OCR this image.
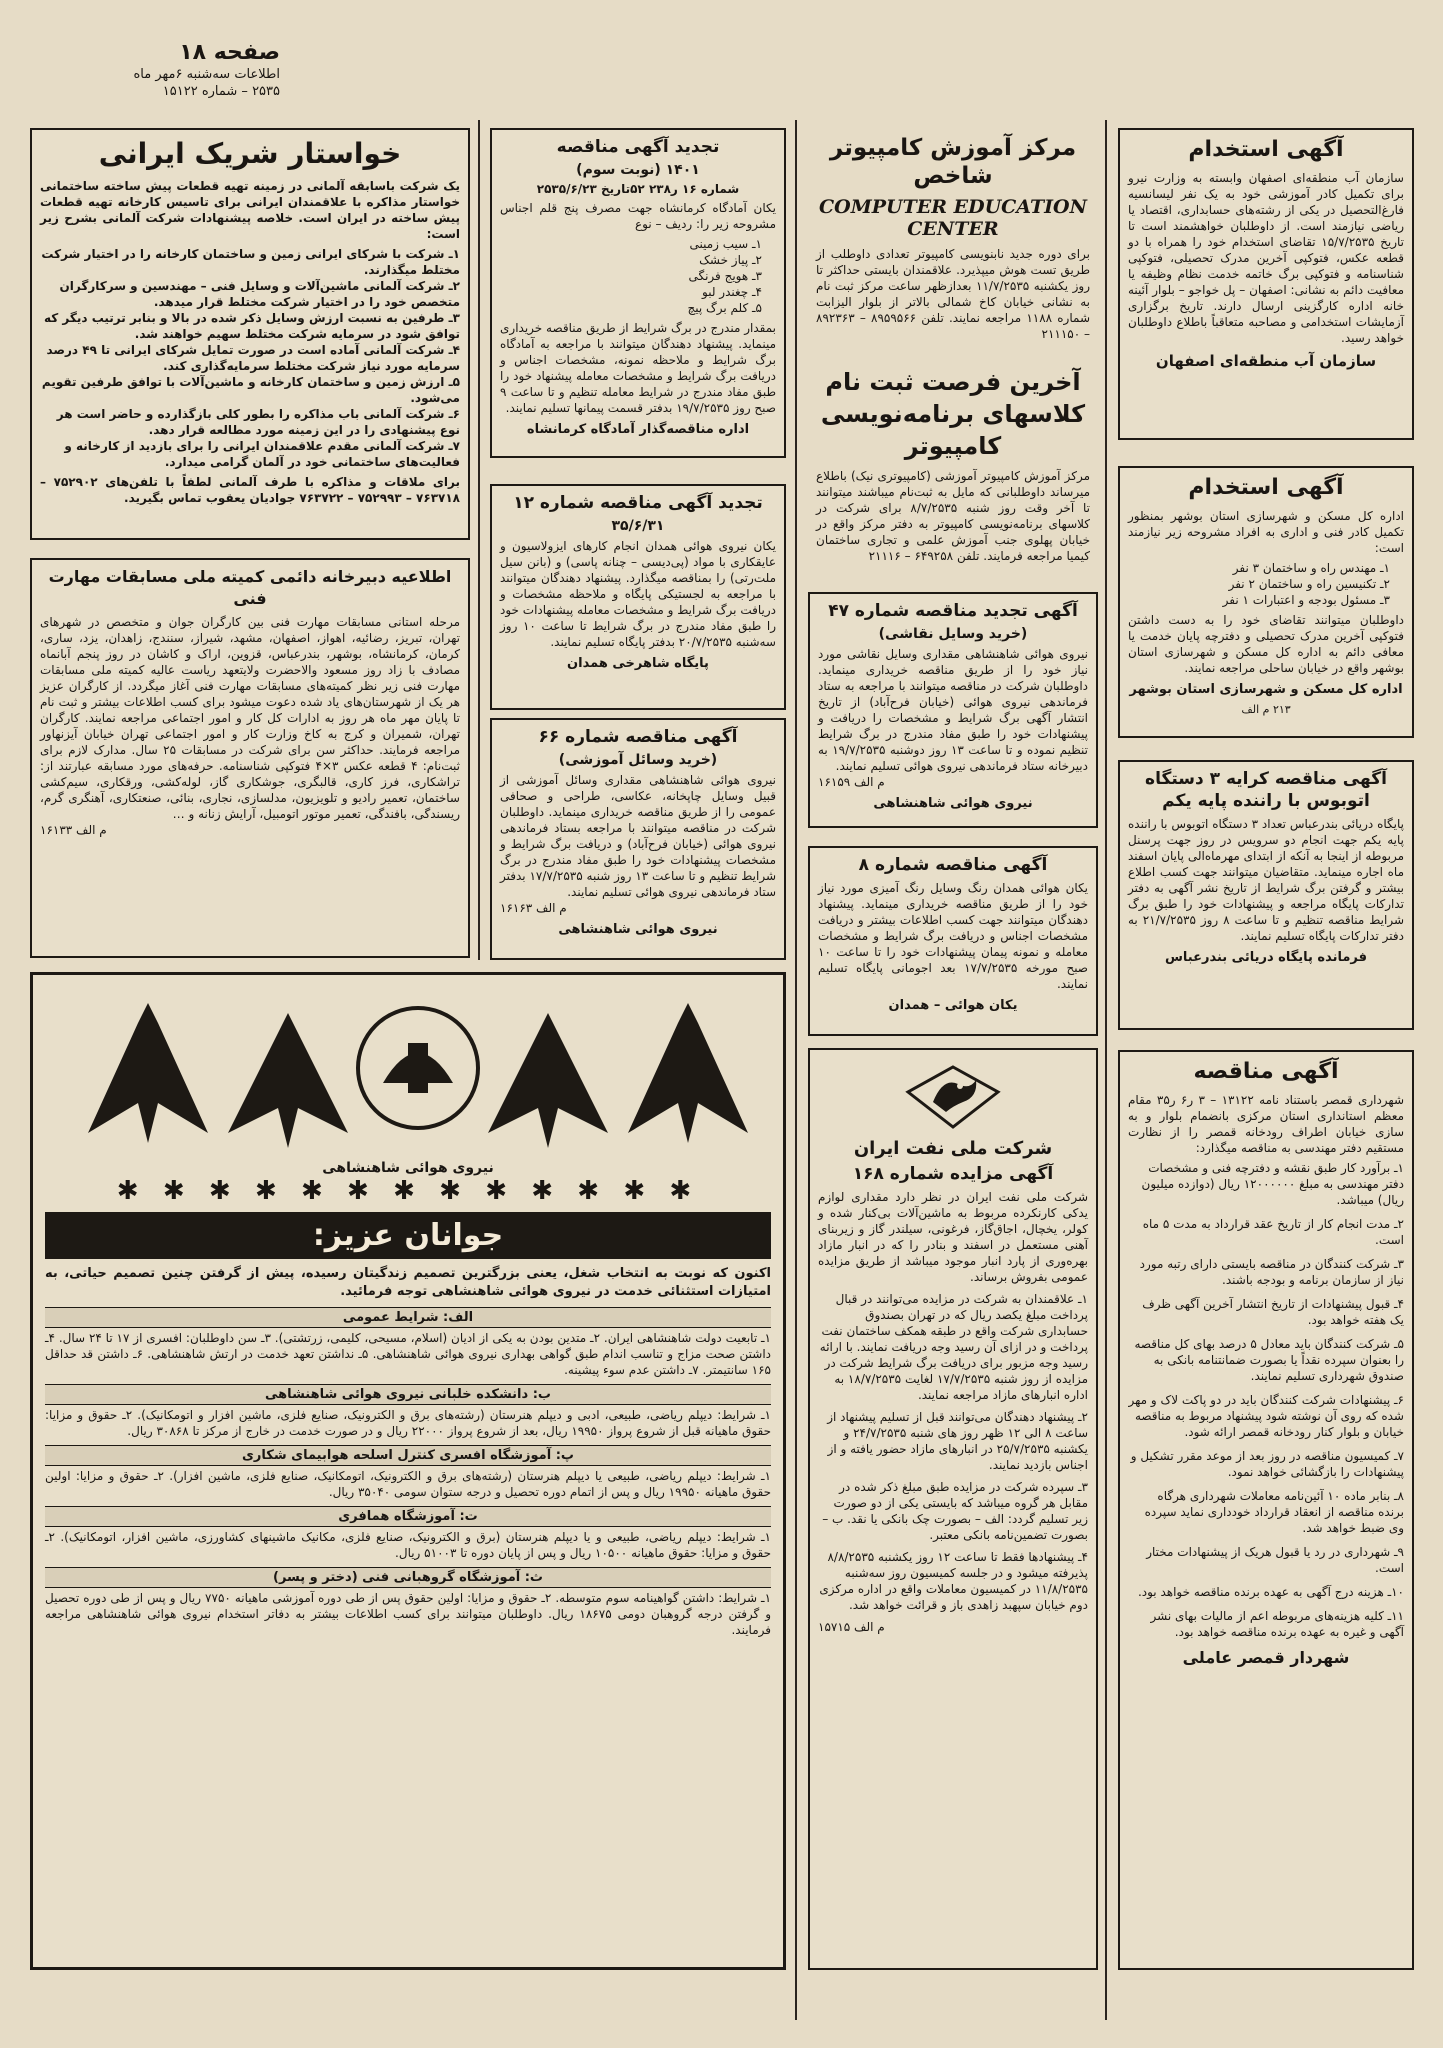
صفحه ۱۸
اطلاعات سه‌شنبه ۶مهر ماه
۲۵۳۵ – شماره ۱۵۱۲۲
آگهی استخدام

سازمان آب منطقه‌ای اصفهان وابسته به وزارت نیرو برای تکمیل کادر آموزشی خود به یک نفر لیسانسیه فارغ‌التحصیل در یکی از رشته‌های حسابداری، اقتصاد یا ریاضی نیازمند است. از داوطلبان خواهشمند است تا تاریخ ۱۵/۷/۲۵۳۵ تقاضای استخدام خود را همراه با دو قطعه عکس، فتوکپی آخرین مدرک تحصیلی، فتوکپی شناسنامه و فتوکپی برگ خاتمه خدمت نظام وظیفه یا معافیت دائم به نشانی: اصفهان – پل خواجو – بلوار آئینه خانه اداره کارگزینی ارسال دارند. تاریخ برگزاری آزمایشات استخدامی و مصاحبه متعاقباً باطلاع داوطلبان خواهد رسید.

سازمان آب منطقه‌ای اصفهان
آگهی استخدام

اداره کل مسکن و شهرسازی استان بوشهر بمنظور تکمیل کادر فنی و اداری به افراد مشروحه زیر نیازمند است:

۱ـ مهندس راه و ساختمان ۳ نفر
۲ـ تکنیسین راه و ساختمان ۲ نفر
۳ـ مسئول بودجه و اعتبارات ۱ نفر

داوطلبان میتوانند تقاضای خود را به دست داشتن فتوکپی آخرین مدرک تحصیلی و دفترچه پایان خدمت یا معافی دائم به اداره کل مسکن و شهرسازی استان بوشهر واقع در خیابان ساحلی مراجعه نمایند.

اداره کل مسکن و شهرسازی استان بوشهر
۲۱۳ م الف
آگهی مناقصه کرایه ۳ دستگاه اتوبوس با راننده پایه یکم

پایگاه دریائی بندرعباس تعداد ۳ دستگاه اتوبوس با راننده پایه یکم جهت انجام دو سرویس در روز جهت پرسنل مربوطه از اینجا به آنکه از ابتدای مهرماه‌الی پایان اسفند ماه اجاره مینماید. متقاضیان میتوانند جهت کسب اطلاع بیشتر و گرفتن برگ شرایط از تاریخ نشر آگهی به دفتر تدارکات پایگاه مراجعه و پیشنهادات خود را طبق برگ شرایط مناقصه تنظیم و تا ساعت ۸ روز ۲۱/۷/۲۵۳۵ به دفتر تدارکات پایگاه تسلیم نمایند.

فرمانده پایگاه دریائی بندرعباس
آگهی مناقصه

شهرداری قمصر باستناد نامه ۱۳۱۲۲ – ۳ ر۶ ر۳۵ مقام معظم استانداری استان مرکزی بانضمام بلوار و به سازی خیابان اطراف رودخانه قمصر را از نظارت مستقیم دفتر مهندسی به مناقصه میگذارد:

۱ـ برآورد کار طبق نقشه و دفترچه فنی و مشخصات دفتر مهندسی به مبلغ ۱۲۰۰۰۰۰۰ ریال (دوازده میلیون ریال) میباشد.
۲ـ مدت انجام کار از تاریخ عقد قرارداد به مدت ۵ ماه است.
۳ـ شرکت کنندگان در مناقصه بایستی دارای رتبه مورد نیاز از سازمان برنامه و بودجه باشند.
۴ـ قبول پیشنهادات از تاریخ انتشار آخرین آگهی ظرف یک هفته خواهد بود.
۵ـ شرکت کنندگان باید معادل ۵ درصد بهای کل مناقصه را بعنوان سپرده نقداً یا بصورت ضمانتنامه بانکی به صندوق شهرداری تسلیم نمایند.
۶ـ پیشنهادات شرکت کنندگان باید در دو پاکت لاک و مهر شده که روی آن نوشته شود پیشنهاد مربوط به مناقصه خیابان و بلوار کنار رودخانه قمصر ارائه شود.
۷ـ کمیسیون مناقصه در روز بعد از موعد مقرر تشکیل و پیشنهادات را بازگشائی خواهد نمود.
۸ـ بنابر ماده ۱۰ آئین‌نامه معاملات شهرداری هرگاه برنده مناقصه از انعقاد قرارداد خودداری نماید سپرده وی ضبط خواهد شد.
۹ـ شهرداری در رد یا قبول هریک از پیشنهادات مختار است.
۱۰ـ هزینه درج آگهی به عهده برنده مناقصه خواهد بود.
۱۱ـ کلیه هزینه‌های مربوطه اعم از مالیات بهای نشر آگهی و غیره به عهده برنده مناقصه خواهد بود.
شهردار قمصر عاملی
مرکز آموزش کامپیوتر شاخص
COMPUTER EDUCATION CENTER

برای دوره جدید نابنویسی کامپیوتر تعدادی داوطلب از طریق تست هوش میپذیرد. علاقمندان بایستی حداکثر تا روز یکشنبه ۱۱/۷/۲۵۳۵ بعدازظهر ساعت مرکز ثبت نام به نشانی خیابان کاخ شمالی بالاتر از بلوار الیزابت شماره ۱۱۸۸ مراجعه نمایند. تلفن ۸۹۵۹۵۶۶ – ۸۹۲۳۶۳ – ۲۱۱۱۵۰

آخرین فرصت ثبت نام کلاسهای برنامه‌نویسی کامپیوتر

مرکز آموزش کامپیوتر آموزشی (کامپیوتری نیک) باطلاع میرساند داوطلبانی که مایل به ثبت‌نام میباشند میتوانند تا آخر وقت روز شنبه ۸/۷/۲۵۳۵ برای شرکت در کلاسهای برنامه‌نویسی کامپیوتر به دفتر مرکز واقع در خیابان پهلوی جنب آموزش علمی و تجاری ساختمان کیمیا مراجعه فرمایند. تلفن ۶۴۹۲۵۸ – ۲۱۱۱۶

آگهی تجدید مناقصه شماره ۴۷
(خرید وسایل نقاشی)

نیروی هوائی شاهنشاهی مقداری وسایل نقاشی مورد نیاز خود را از طریق مناقصه خریداری مینماید. داوطلبان شرکت در مناقصه میتوانند با مراجعه به ستاد فرماندهی نیروی هوائی (خیابان فرح‌آباد) از تاریخ انتشار آگهی برگ شرایط و مشخصات را دریافت و پیشنهادات خود را طبق مفاد مندرج در برگ شرایط تنظیم نموده و تا ساعت ۱۳ روز دوشنبه ۱۹/۷/۲۵۳۵ به دبیرخانه ستاد فرماندهی نیروی هوائی تسلیم نمایند.

م الف ۱۶۱۵۹

نیروی هوائی شاهنشاهی
آگهی مناقصه شماره ۸

یکان هوائی همدان رنگ وسایل رنگ آمیزی مورد نیاز خود را از طریق مناقصه خریداری مینماید. پیشنهاد دهندگان میتوانند جهت کسب اطلاعات بیشتر و دریافت مشخصات اجناس و دریافت برگ شرایط و مشخصات معامله و نمونه پیمان پیشنهادات خود را تا ساعت ۱۰ صبح مورخه ۱۷/۷/۲۵۳۵ بعد اجومانی پایگاه تسلیم نمایند.

یکان هوائی – همدان
شرکت ملی نفت ایران
آگهی مزایده شماره ۱۶۸

شرکت ملی نفت ایران در نظر دارد مقداری لوازم یدکی کارنکرده مربوط به ماشین‌آلات بی‌کنار شده و کولر، یخچال، اجاق‌گاز، فرغونی، سیلندر گاز و زیربنای آهنی مستعمل در اسفند و بنادر را که در انبار مازاد بهره‌وری از پارد انبار موجود میباشد از طریق مزایده عمومی بفروش برساند.

۱ـ علاقمندان به شرکت در مزایده می‌توانند در قبال پرداخت مبلغ یکصد ریال که در تهران بصندوق حسابداری شرکت واقع در طبقه همکف ساختمان نفت پرداخت و در ازای آن رسید وجه دریافت نمایند. با ارائه رسید وجه مزبور برای دریافت برگ شرایط شرکت در مزایده از روز شنبه ۱۷/۷/۲۵۳۵ لغایت ۱۸/۷/۲۵۳۵ به اداره انبارهای مازاد مراجعه نمایند.
۲ـ پیشنهاد دهندگان می‌توانند قبل از تسلیم پیشنهاد از ساعت ۸ الی ۱۲ ظهر روز های شنبه ۲۴/۷/۲۵۳۵ و یکشنبه ۲۵/۷/۲۵۳۵ در انبارهای مازاد حضور یافته و از اجناس بازدید نمایند.
۳ـ سپرده شرکت در مزایده طبق مبلغ ذکر شده در مقابل هر گروه میباشد که بایستی یکی از دو صورت زیر تسلیم گردد: الف – بصورت چک بانکی یا نقد. ب – بصورت تضمین‌نامه بانکی معتبر.
۴ـ پیشنهادها فقط تا ساعت ۱۲ روز یکشنبه ۸/۸/۲۵۳۵ پذیرفته میشود و در جلسه کمیسیون روز سه‌شنبه ۱۱/۸/۲۵۳۵ در کمیسیون معاملات واقع در اداره مرکزی دوم خیابان سپهبد زاهدی باز و قرائت خواهد شد.

م الف ۱۵۷۱۵

تجدید آگهی مناقصه
۱۴۰۱ (نوبت سوم)
شماره ۱۶ ر۲۳۸ ۵۲تاریخ ۲۵۳۵/۶/۲۳

یکان آمادگاه کرمانشاه جهت مصرف پنج قلم اجناس مشروحه زیر را: ردیف – نوع

۱ـ سیب زمینی
۲ـ پیاز خشک
۳ـ هویج فرنگی
۴ـ چغندر لبو
۵ـ کلم برگ پیچ

بمقدار مندرج در برگ شرایط از طریق مناقصه خریداری مینماید. پیشنهاد دهندگان میتوانند با مراجعه به آمادگاه برگ شرایط و ملاحظه نمونه، مشخصات اجناس و دریافت برگ شرایط و مشخصات معامله پیشنهاد خود را طبق مفاد مندرج در شرایط معامله تنظیم و تا ساعت ۹ صبح روز ۱۹/۷/۲۵۳۵ بدفتر قسمت پیمانها تسلیم نمایند.

اداره مناقصه‌گذار آمادگاه کرمانشاه
تجدید آگهی مناقصه شماره ۱۲
۳۵/۶/۳۱

یکان نیروی هوائی همدان انجام کارهای ایزولاسیون و عایقکاری با مواد (پی‌دیسی – چنانه پاسی) و (بانن سیل ملت‌رتی) را بمناقصه میگذارد. پیشنهاد دهندگان میتوانند با مراجعه به لجستیکی پایگاه و ملاحظه مشخصات و دریافت برگ شرایط و مشخصات معامله پیشنهادات خود را طبق مفاد مندرج در برگ شرایط تا ساعت ۱۰ روز سه‌شنبه ۲۰/۷/۲۵۳۵ بدفتر پایگاه تسلیم نمایند.

پایگاه شاهرخی همدان
آگهی مناقصه شماره ۶۶
(خرید وسائل آموزشی)

نیروی هوائی شاهنشاهی مقداری وسائل آموزشی از قبیل وسایل چاپخانه، عکاسی، طراحی و صحافی عمومی را از طریق مناقصه خریداری مینماید. داوطلبان شرکت در مناقصه میتوانند با مراجعه بستاد فرماندهی نیروی هوائی (خیابان فرح‌آباد) و دریافت برگ شرایط و مشخصات پیشنهادات خود را طبق مفاد مندرج در برگ شرایط تنظیم و تا ساعت ۱۳ روز شنبه ۱۷/۷/۲۵۳۵ بدفتر ستاد فرماندهی نیروی هوائی تسلیم نمایند.

م الف ۱۶۱۶۳

نیروی هوائی شاهنشاهی
خواستار شریک ایرانی

یک شرکت باسابقه آلمانی در زمینه تهیه قطعات پیش ساخته ساختمانی خواستار مذاکره با علاقمندان ایرانی برای تاسیس کارخانه تهیه قطعات پیش ساخته در ایران است. خلاصه پیشنهادات شرکت آلمانی بشرح زیر است:

۱ـ شرکت با شرکای ایرانی زمین و ساختمان کارخانه را در اختیار شرکت مختلط میگذارند.
۲ـ شرکت آلمانی ماشین‌آلات و وسایل فنی – مهندسین و سرکارگران متخصص خود را در اختیار شرکت مختلط قرار میدهد.
۳ـ طرفین به نسبت ارزش وسایل ذکر شده در بالا و بنابر ترتیب دیگر که توافق شود در سرمایه شرکت مختلط سهیم خواهند شد.
۴ـ شرکت آلمانی آماده است در صورت تمایل شرکای ایرانی تا ۴۹ درصد سرمایه مورد نیاز شرکت مختلط سرمایه‌گذاری کند.
۵ـ ارزش زمین و ساختمان کارخانه و ماشین‌آلات با توافق طرفین تقویم می‌شود.
۶ـ شرکت آلمانی باب مذاکره را بطور کلی بازگذارده و حاضر است هر نوع پیشنهادی را در این زمینه مورد مطالعه قرار دهد.
۷ـ شرکت آلمانی مقدم علاقمندان ایرانی را برای بازدید از کارخانه و فعالیت‌های ساختمانی خود در آلمان گرامی میدارد.

برای ملاقات و مذاکره با طرف آلمانی لطفاً با تلفن‌های ۷۵۲۹۰۲ – ۷۶۳۷۱۸ – ۷۵۲۹۹۳ – ۷۶۳۷۲۲ جوادیان یعقوب تماس بگیرید.

اطلاعیه دبیرخانه دائمی کمیته ملی مسابقات مهارت فنی

مرحله استانی مسابقات مهارت فنی بین کارگران جوان و متخصص در شهرهای تهران، تبریز، رضائیه، اهواز، اصفهان، مشهد، شیراز، سنندج، زاهدان، یزد، ساری، کرمان، کرمانشاه، بوشهر، بندرعباس، قزوین، اراک و کاشان در روز پنجم آبانماه مصادف با زاد روز مسعود والاحضرت ولایتعهد ریاست عالیه کمیته ملی مسابقات مهارت فنی زیر نظر کمیته‌های مسابقات مهارت فنی آغاز میگردد. از کارگران عزیز هر یک از شهرستان‌های یاد شده دعوت میشود برای کسب اطلاعات بیشتر و ثبت نام تا پایان مهر ماه هر روز به ادارات کل کار و امور اجتماعی مراجعه نمایند. کارگران تهران، شمیران و کرج به کاخ وزارت کار و امور اجتماعی تهران خیابان آیزنهاور مراجعه فرمایند. حداکثر سن برای شرکت در مسابقات ۲۵ سال. مدارک لازم برای ثبت‌نام: ۴ قطعه عکس ۳×۴ فتوکپی شناسنامه. حرفه‌های مورد مسابقه عبارتند از: تراشکاری، فرز کاری، قالبگری، جوشکاری گاز، لوله‌کشی، ورقکاری، سیم‌کشی ساختمان، تعمیر رادیو و تلویزیون، مدلسازی، نجاری، بنائی، صنعتکاری، آهنگری گرم، ریسندگی، بافندگی، تعمیر موتور اتومبیل، آرایش زنانه و …

م الف ۱۶۱۳۳

نیروی هوائی شاهنشاهی
✱ ✱ ✱ ✱ ✱ ✱ ✱ ✱ ✱ ✱ ✱ ✱ ✱
جوانان عزیز:

اکنون که نوبت به انتخاب شغل، یعنی بزرگترین تصمیم زندگیتان رسیده، پیش از گرفتن چنین تصمیم حیاتی، به امتیازات استثنائی خدمت در نیروی هوائی شاهنشاهی توجه فرمائید.

الف: شرایط عمومی

۱ـ تابعیت دولت شاهنشاهی ایران. ۲ـ متدین بودن به یکی از ادیان (اسلام، مسیحی، کلیمی، زرتشتی). ۳ـ سن داوطلبان: افسری از ۱۷ تا ۲۴ سال. ۴ـ داشتن صحت مزاج و تناسب اندام طبق گواهی بهداری نیروی هوائی شاهنشاهی. ۵ـ نداشتن تعهد خدمت در ارتش شاهنشاهی. ۶ـ داشتن قد حداقل ۱۶۵ سانتیمتر. ۷ـ داشتن عدم سوء پیشینه.

ب: دانشکده خلبانی نیروی هوائی شاهنشاهی

۱ـ شرایط: دیپلم ریاضی، طبیعی، ادبی و دیپلم هنرستان (رشته‌های برق و الکترونیک، صنایع فلزی، ماشین افزار و اتومکانیک). ۲ـ حقوق و مزایا: حقوق ماهیانه قبل از شروع پرواز ۱۹۹۵۰ ریال، بعد از شروع پرواز ۲۲۰۰۰ ریال و در صورت خدمت در خارج از مرکز تا ۳۰۸۶۸ ریال.

پ: آموزشگاه افسری کنترل اسلحه هوابیمای شکاری

۱ـ شرایط: دیپلم ریاضی، طبیعی یا دیپلم هنرستان (رشته‌های برق و الکترونیک، اتومکانیک، صنایع فلزی، ماشین افزار). ۲ـ حقوق و مزایا: اولین حقوق ماهیانه ۱۹۹۵۰ ریال و پس از اتمام دوره تحصیل و درجه ستوان سومی ۳۵۰۴۰ ریال.

ت: آموزشگاه همافری

۱ـ شرایط: دیپلم ریاضی، طبیعی و یا دیپلم هنرستان (برق و الکترونیک، صنایع فلزی، مکانیک ماشینهای کشاورزی، ماشین افزار، اتومکانیک). ۲ـ حقوق و مزایا: حقوق ماهیانه ۱۰۵۰۰ ریال و پس از پایان دوره تا ۵۱۰۰۳ ریال.

ث: آموزشگاه گروهبانی فنی (دختر و پسر)

۱ـ شرایط: داشتن گواهینامه سوم متوسطه. ۲ـ حقوق و مزایا: اولین حقوق پس از طی دوره آموزشی ماهیانه ۷۷۵۰ ریال و پس از طی دوره تحصیل و گرفتن درجه گروهبان دومی ۱۸۶۷۵ ریال. داوطلبان میتوانند برای کسب اطلاعات بیشتر به دفاتر استخدام نیروی هوائی شاهنشاهی مراجعه فرمایند.
